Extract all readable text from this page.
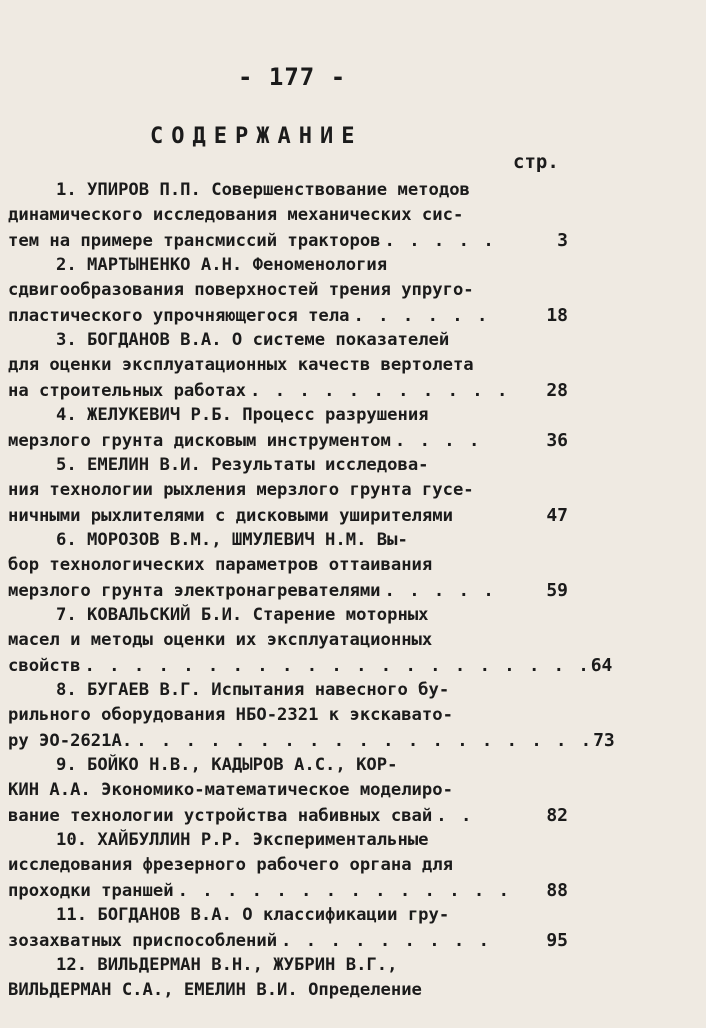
- 177 -
СОДЕРЖАНИЕ
стр.
1. УПИРОВ П.П. Совершенствование методов
динамического исследования механических сис-
тем на примере трансмиссий тракторов . . . . .	3
2. МАРТЫНЕНКО А.Н. Феноменология
сдвигообразования поверхностей трения упруго-
пластического упрочняющегося тела . . . . . .	18
3. БОГДАНОВ В.А. О системе показателей
для оценки эксплуатационных качеств вертолета
на строительных работах . . . . . . . . . . .	28
4. ЖЕЛУКЕВИЧ Р.Б. Процесс разрушения
мерзлого грунта дисковым инструментом . . . .	36
5. ЕМЕЛИН В.И. Результаты исследова-
ния технологии рыхления мерзлого грунта гусе-
ничными рыхлителями с дисковыми уширителями	47
6. МОРОЗОВ В.М., ШМУЛЕВИЧ Н.М. Вы-
бор технологических параметров оттаивания
мерзлого грунта электронагревателями . . . . .	59
7. КОВАЛЬСКИЙ Б.И. Старение моторных
масел и методы оценки их эксплуатационных
свойств . . . . . . . . . . . . . . . . . . . . . 64
8. БУГАЕВ В.Г. Испытания навесного бу-
рильного оборудования НБО-2321 к экскавато-
ру ЭО-2621А. . . . . . . . . . . . . . . . . . . . 73
9. БОЙКО Н.В., КАДЫРОВ А.С., КОР-
КИН А.А. Экономико-математическое моделиро-
вание технологии устройства набивных свай . .	82
10. ХАЙБУЛЛИН Р.Р. Экспериментальные
исследования фрезерного рабочего органа для
проходки траншей . . . . . . . . . . . . . .	88
11. БОГДАНОВ В.А. О классификации гру-
зозахватных приспособлений . . . . . . . . .	95
12. ВИЛЬДЕРМАН В.Н., ЖУБРИН В.Г.,
ВИЛЬДЕРМАН С.А., ЕМЕЛИН В.И. Определение
